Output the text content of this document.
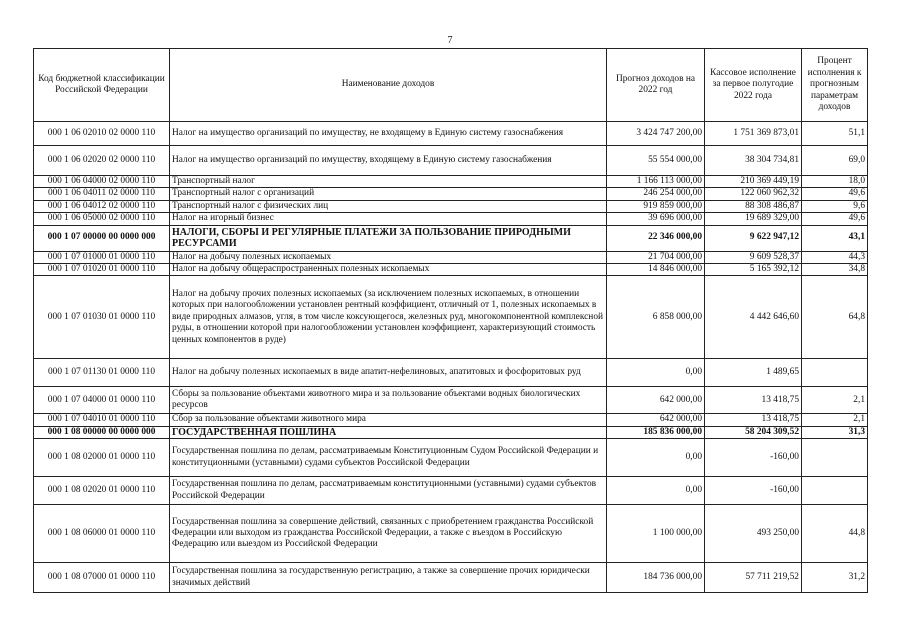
7
Код бюджетной классификации Российской Федерации	Наименование доходов	Прогноз доходов на 2022 год	Кассовое исполнение за первое полугодие 2022 года	Процент исполнения к прогнозным параметрам доходов
000 1 06 02010 02 0000 110	Налог на имущество организаций по имуществу, не входящему в Единую систему газоснабжения	3 424 747 200,00	1 751 369 873,01	51,1
000 1 06 02020 02 0000 110	Налог на имущество организаций по имуществу, входящему в Единую систему газоснабжения	55 554 000,00	38 304 734,81	69,0
000 1 06 04000 02 0000 110	Транспортный налог	1 166 113 000,00	210 369 449,19	18,0
000 1 06 04011 02 0000 110	Транспортный налог с организаций	246 254 000,00	122 060 962,32	49,6
000 1 06 04012 02 0000 110	Транспортный налог с физических лиц	919 859 000,00	88 308 486,87	9,6
000 1 06 05000 02 0000 110	Налог на игорный бизнес	39 696 000,00	19 689 329,00	49,6
000 1 07 00000 00 0000 000	НАЛОГИ, СБОРЫ И РЕГУЛЯРНЫЕ ПЛАТЕЖИ ЗА ПОЛЬЗОВАНИЕ ПРИРОДНЫМИ РЕСУРСАМИ	22 346 000,00	9 622 947,12	43,1
000 1 07 01000 01 0000 110	Налог на добычу полезных ископаемых	21 704 000,00	9 609 528,37	44,3
000 1 07 01020 01 0000 110	Налог на добычу общераспространенных полезных ископаемых	14 846 000,00	5 165 392,12	34,8
000 1 07 01030 01 0000 110	Налог на добычу прочих полезных ископаемых (за исключением полезных ископаемых, в отношении которых при налогообложении установлен рентный коэффициент, отличный от 1, полезных ископаемых в виде природных алмазов, угля, в том числе коксующегося, железных руд, многокомпонентной комплексной руды, в отношении которой при налогообложении установлен коэффициент, характеризующий стоимость ценных компонентов в руде)	6 858 000,00	4 442 646,60	64,8
000 1 07 01130 01 0000 110	Налог на добычу полезных ископаемых в виде апатит-нефелиновых, апатитовых и фосфоритовых руд	0,00	1 489,65	
000 1 07 04000 01 0000 110	Сборы за пользование объектами животного мира и за пользование объектами водных биологических ресурсов	642 000,00	13 418,75	2,1
000 1 07 04010 01 0000 110	Сбор за пользование объектами животного мира	642 000,00	13 418,75	2,1
000 1 08 00000 00 0000 000	ГОСУДАРСТВЕННАЯ ПОШЛИНА	185 836 000,00	58 204 309,52	31,3
000 1 08 02000 01 0000 110	Государственная пошлина по делам, рассматриваемым Конституционным Судом Российской Федерации и конституционными (уставными) судами субъектов Российской Федерации	0,00	-160,00	
000 1 08 02020 01 0000 110	Государственная пошлина по делам, рассматриваемым конституционными (уставными) судами субъектов Российской Федерации	0,00	-160,00	
000 1 08 06000 01 0000 110	Государственная пошлина за совершение действий, связанных с приобретением гражданства Российской Федерации или выходом из гражданства Российской Федерации, а также с въездом в Российскую Федерацию или выездом из Российской Федерации	1 100 000,00	493 250,00	44,8
000 1 08 07000 01 0000 110	Государственная пошлина за государственную регистрацию, а также за совершение прочих юридически значимых действий	184 736 000,00	57 711 219,52	31,2
